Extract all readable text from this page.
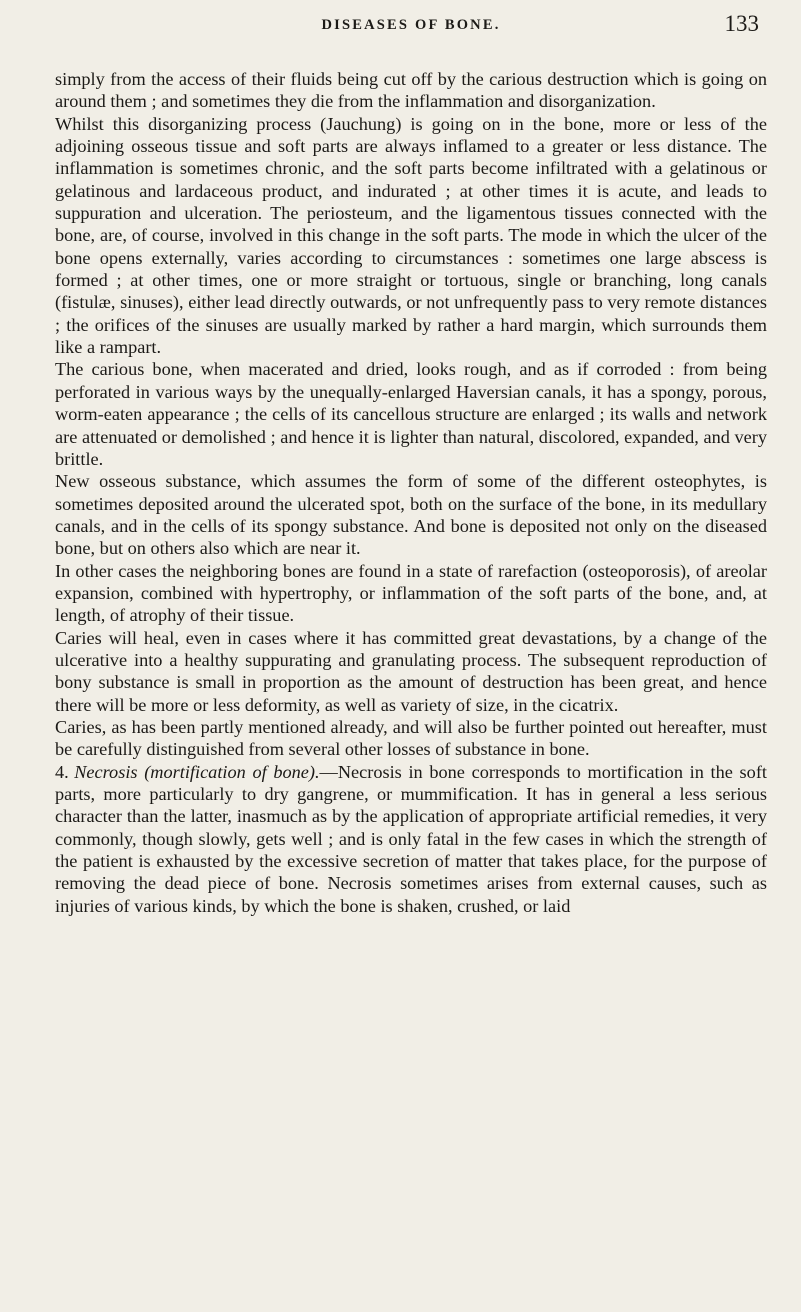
DISEASES OF BONE.	133

simply from the access of their fluids being cut off by the carious destruction which is going on around them ; and sometimes they die from the inflammation and disorganization.

Whilst this disorganizing process (Jauchung) is going on in the bone, more or less of the adjoining osseous tissue and soft parts are always inflamed to a greater or less distance. The inflammation is sometimes chronic, and the soft parts become infiltrated with a gelatinous or gelatinous and lardaceous product, and indurated ; at other times it is acute, and leads to suppuration and ulceration. The periosteum, and the ligamentous tissues connected with the bone, are, of course, involved in this change in the soft parts. The mode in which the ulcer of the bone opens externally, varies according to circumstances : sometimes one large abscess is formed ; at other times, one or more straight or tortuous, single or branching, long canals (fistulæ, sinuses), either lead directly outwards, or not unfrequently pass to very remote distances ; the orifices of the sinuses are usually marked by rather a hard margin, which surrounds them like a rampart.

The carious bone, when macerated and dried, looks rough, and as if corroded : from being perforated in various ways by the unequally-enlarged Haversian canals, it has a spongy, porous, worm-eaten appearance ; the cells of its cancellous structure are enlarged ; its walls and network are attenuated or demolished ; and hence it is lighter than natural, discolored, expanded, and very brittle.

New osseous substance, which assumes the form of some of the different osteophytes, is sometimes deposited around the ulcerated spot, both on the surface of the bone, in its medullary canals, and in the cells of its spongy substance. And bone is deposited not only on the diseased bone, but on others also which are near it.

In other cases the neighboring bones are found in a state of rarefaction (osteoporosis), of areolar expansion, combined with hypertrophy, or inflammation of the soft parts of the bone, and, at length, of atrophy of their tissue.

Caries will heal, even in cases where it has committed great devastations, by a change of the ulcerative into a healthy suppurating and granulating process. The subsequent reproduction of bony substance is small in proportion as the amount of destruction has been great, and hence there will be more or less deformity, as well as variety of size, in the cicatrix.

Caries, as has been partly mentioned already, and will also be further pointed out hereafter, must be carefully distinguished from several other losses of substance in bone.

4. Necrosis (mortification of bone).—Necrosis in bone corresponds to mortification in the soft parts, more particularly to dry gangrene, or mummification. It has in general a less serious character than the latter, inasmuch as by the application of appropriate artificial remedies, it very commonly, though slowly, gets well ; and is only fatal in the few cases in which the strength of the patient is exhausted by the excessive secretion of matter that takes place, for the purpose of removing the dead piece of bone. Necrosis sometimes arises from external causes, such as injuries of various kinds, by which the bone is shaken, crushed, or laid
